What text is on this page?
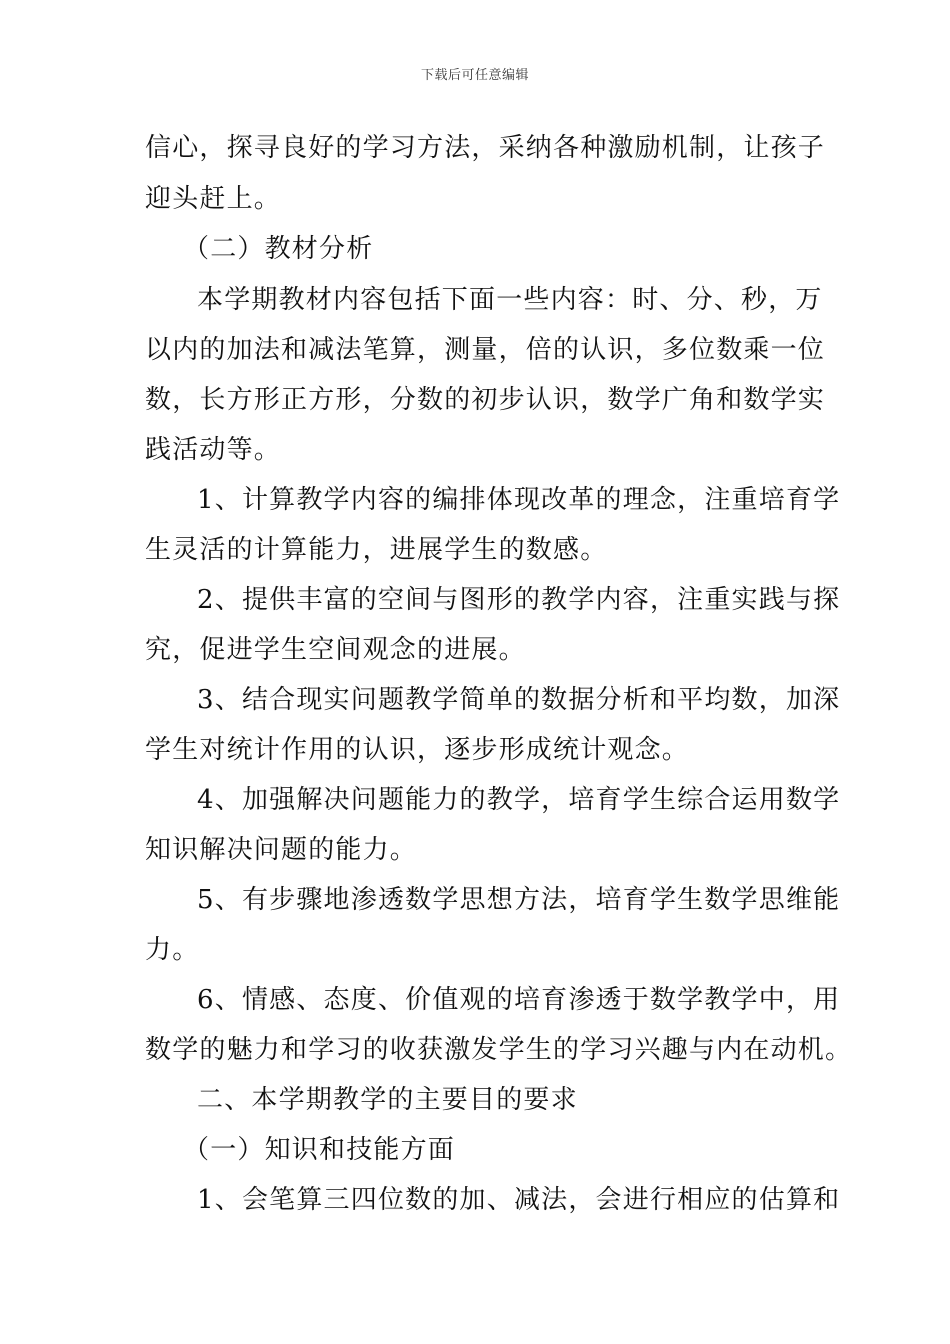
下载后可任意编辑
信心，探寻良好的学习方法，采纳各种激励机制，让孩子
迎头赶上。
（二）教材分析
本学期教材内容包括下面一些内容：时、分、秒，万
以内的加法和减法笔算，测量，倍的认识，多位数乘一位
数，长方形正方形，分数的初步认识，数学广角和数学实
践活动等。
1、计算教学内容的编排体现改革的理念，注重培育学
生灵活的计算能力，进展学生的数感。
2、提供丰富的空间与图形的教学内容，注重实践与探
究，促进学生空间观念的进展。
3、结合现实问题教学简单的数据分析和平均数，加深
学生对统计作用的认识，逐步形成统计观念。
4、加强解决问题能力的教学，培育学生综合运用数学
知识解决问题的能力。
5、有步骤地渗透数学思想方法，培育学生数学思维能
力。
6、情感、态度、价值观的培育渗透于数学教学中，用
数学的魅力和学习的收获激发学生的学习兴趣与内在动机。
二、本学期教学的主要目的要求
（一）知识和技能方面
1、会笔算三四位数的加、减法，会进行相应的估算和
